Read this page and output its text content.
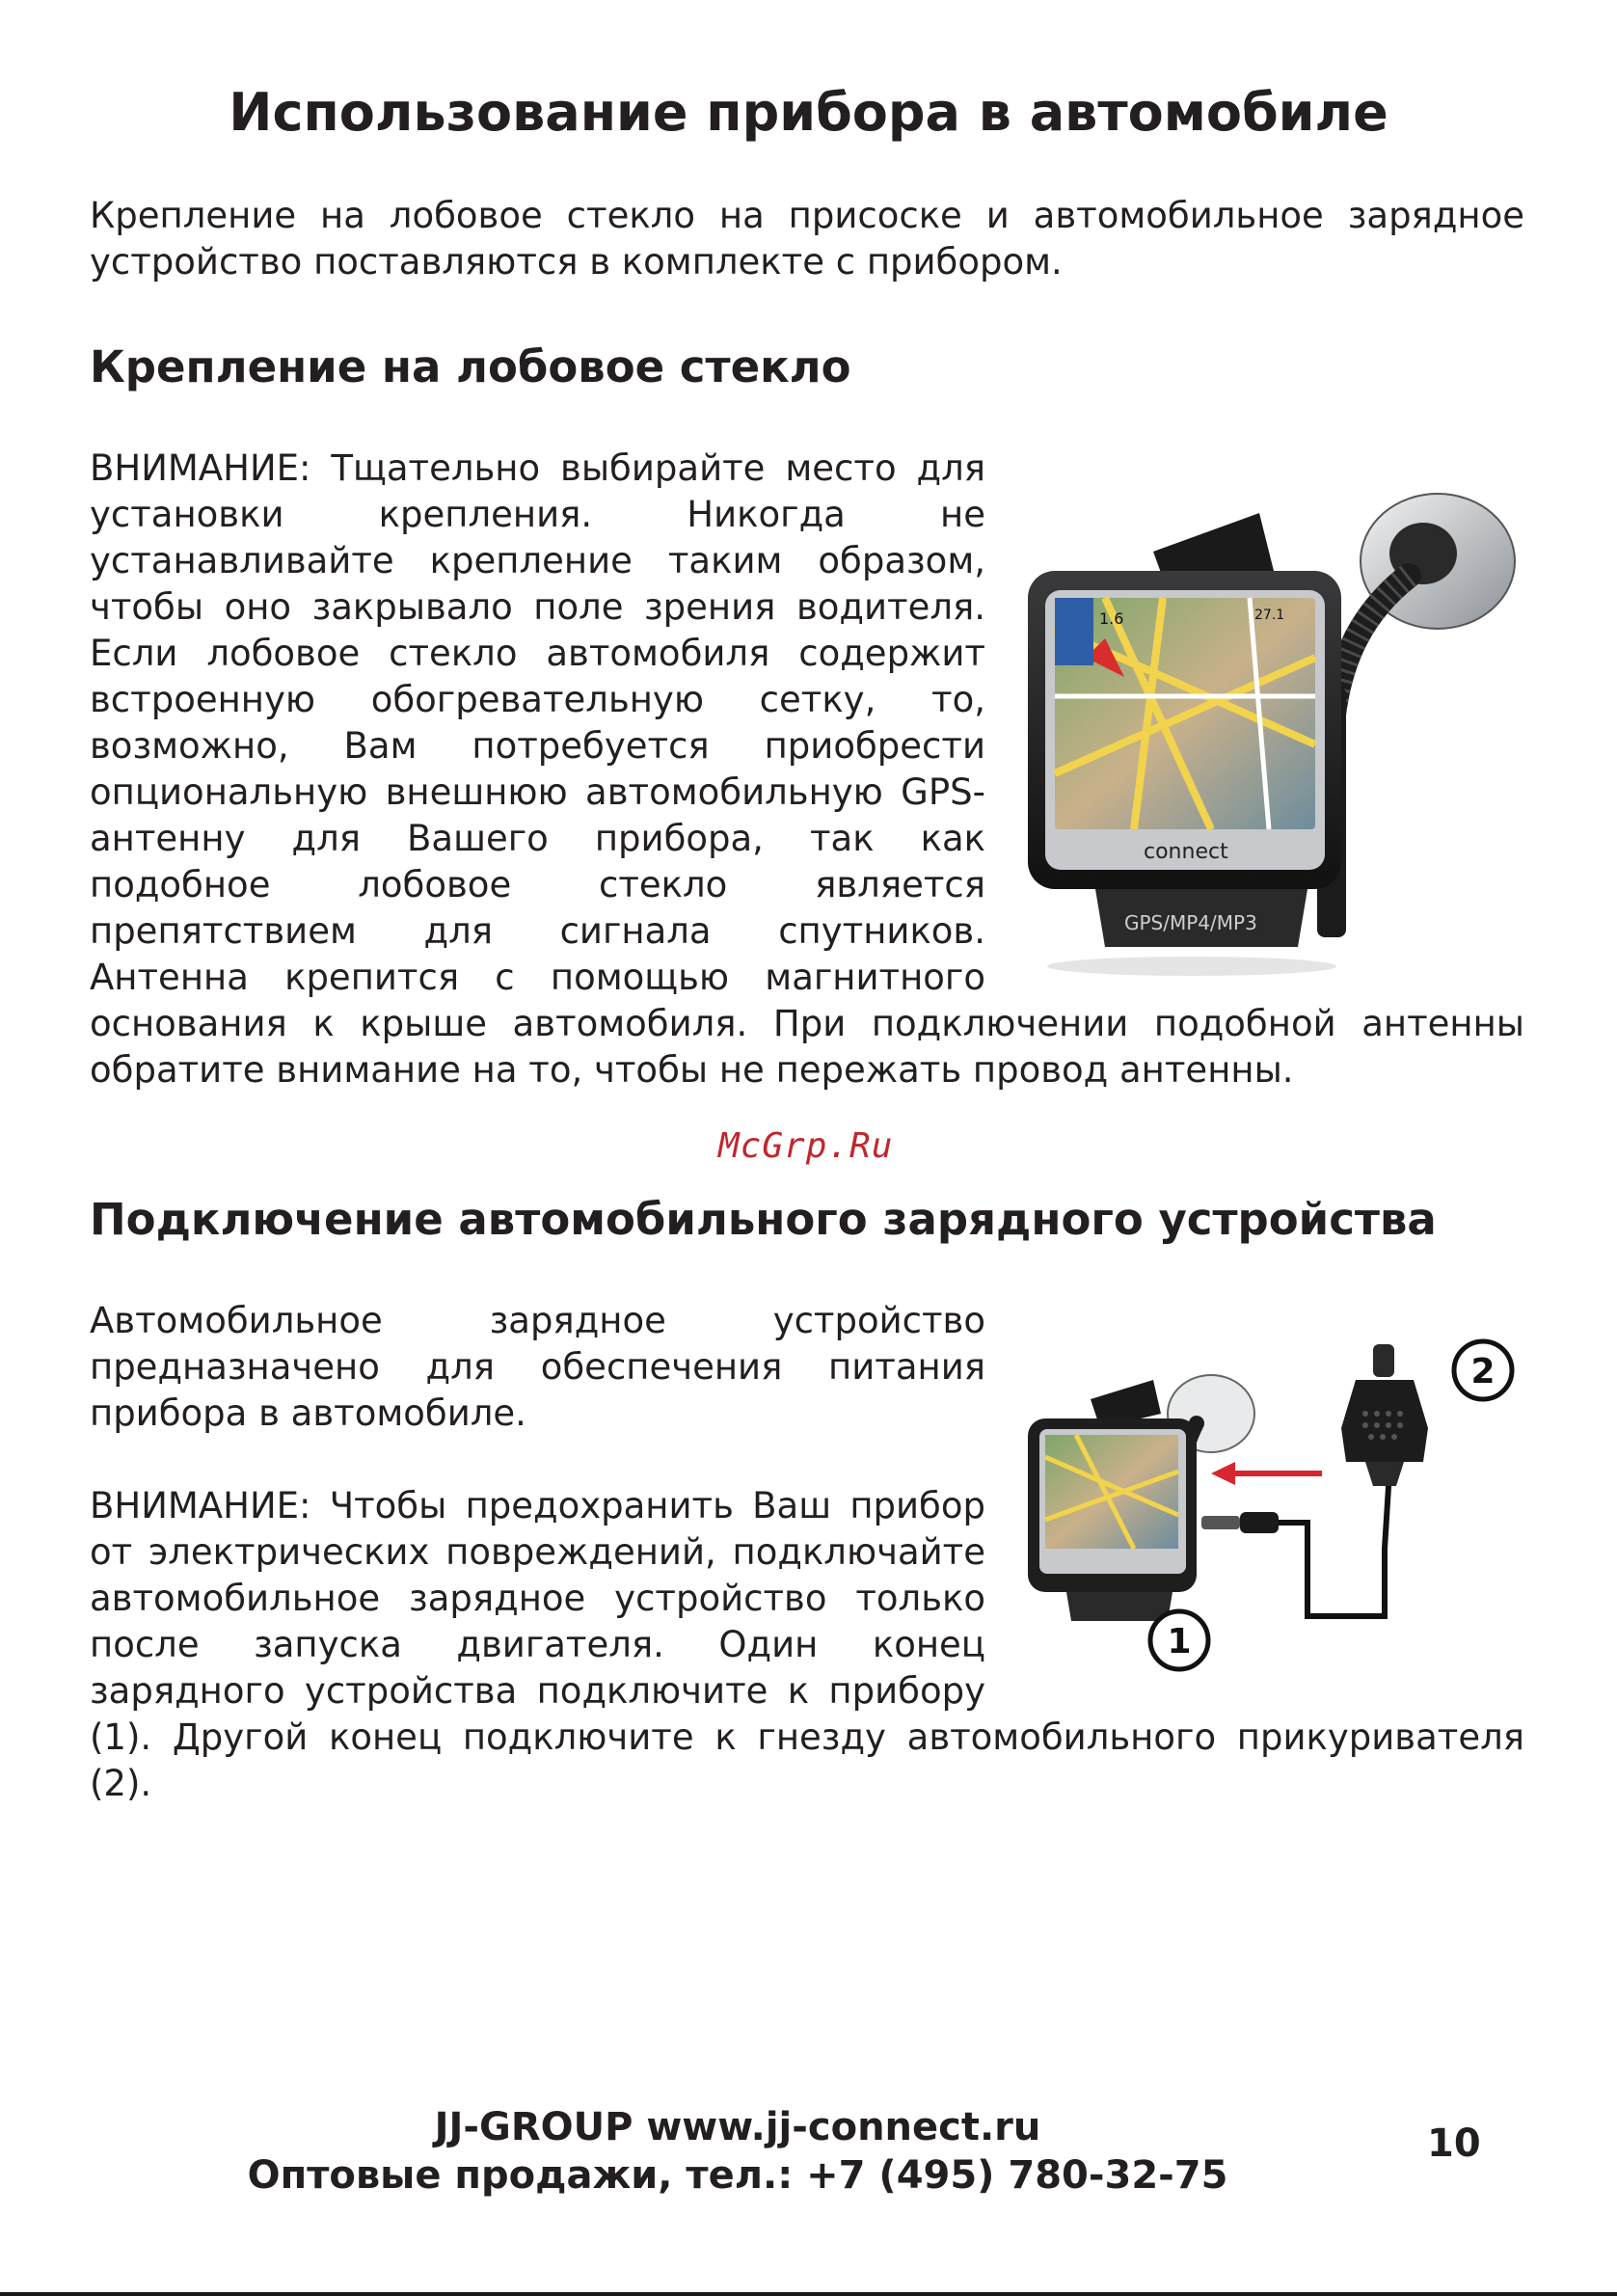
Использование прибора в автомобиле

Крепление на лобовое стекло на присоске и автомобильное зарядное устройство поставляются в комплекте с прибором.

Крепление на лобовое стекло
1.6	27.1
connect
GPS/MP4/MP3
ВНИМАНИЕ: Тщательно выбирайте место для установки крепления. Никогда не устанавливайте крепление таким образом, чтобы оно закрывало поле зрения водителя. Если лобовое стекло автомобиля содержит встроенную обогревательную сетку, то, возможно, Вам потребуется приобрести опциональную внешнюю автомобильную GPS-антенну для Вашего прибора, так как подобное лобовое стекло является препятствием для сигнала спутников. Антенна крепится с помощью магнитного основания к крыше автомобиля. При подключении подобной антенны обратите внимание на то, чтобы не пережать провод антенны.
McGrp.Ru
Подключение автомобильного зарядного устройства
2
1

Автомобильное зарядное устройство предназначено для обеспечения питания прибора в автомобиле.

ВНИМАНИЕ: Чтобы предохранить Ваш прибор от электрических повреждений, подключайте автомобильное зарядное устройство только после запуска двигателя. Один конец зарядного устройства подключите к прибору (1). Другой конец подключите к гнезду автомобильного прикуривателя (2).

JJ-GROUP www.jj-connect.ru
Оптовые продажи, тел.: +7 (495) 780-32-75
10
